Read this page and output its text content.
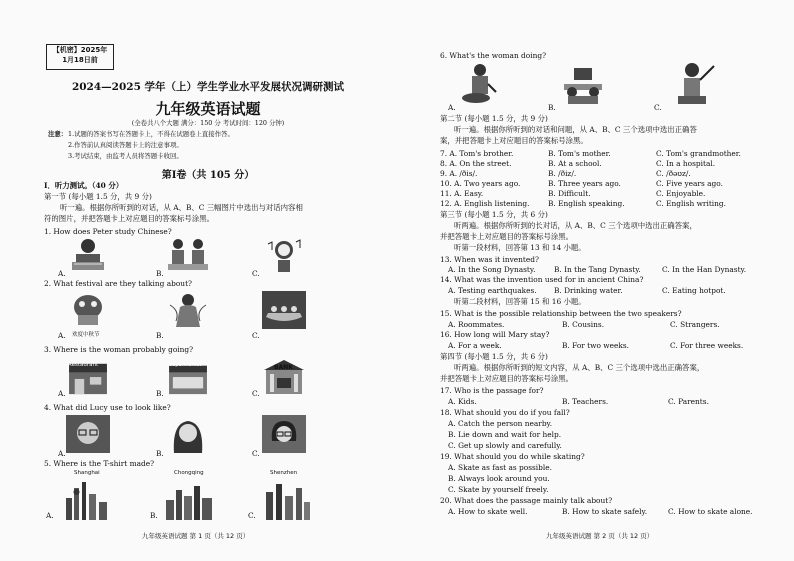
【机密】2025年
1月18日前
2024—2025 学年（上）学生学业水平发展状况调研测试
九年级英语试题
(全卷共八个大题 满分：150 分 考试时间：120 分钟)
注意： 1.试题的答案书写在答题卡上，不得在试题卷上直接作答。
2.作答前认真阅读答题卡上的注意事项。
3.考试结束，由监考人员将答题卡收回。
第Ⅰ卷（共 105 分）
I．听力测试。（40 分）
第一节 (每小题 1.5 分，共 9 分)
听一遍。根据你所听到的对话，从 A、B、C 三幅图片中选出与对话内容相
符的图片，并把答题卡上对应题目的答案标号涂黑。
1. How does Peter study Chinese?
A.	B.	C.
2. What festival are they talking about?
A. 欢度中秋节	B.	C.
3. Where is the woman probably going?
A.
Restaurant
B.
Supermarket
C.
BANK
4. What did Lucy use to look like?
A.	B.	C.
5. Where is the T-shirt made?
Shanghai	Chongqing	Shenzhen
A.	B.	C.
九年级英语试题 第 1 页（共 12 页）
6. What's the woman doing?
A.	B.	C.
第二节 (每小题 1.5 分，共 9 分)
听一遍。根据你所听到的对话和问题，从 A、B、C 三个选项中选出正确答
案，并把答题卡上对应题目的答案标号涂黑。
7. A. Tom's brother.	B. Tom's mother.	C. Tom's grandmother.
8. A. On the street.	B. At a school.	C. In a hospital.
9. A. /ðis/.	B. /ðiz/.	C. /ðəʊz/.
10. A. Two years ago.	B. Three years ago.	C. Five years ago.
11. A. Easy.	B. Difficult.	C. Enjoyable.
12. A. English listening.	B. English speaking.	C. English writing.
第三节 (每小题 1.5 分，共 6 分)
听两遍。根据你所听到的长对话，从 A、B、C 三个选项中选出正确答案，
并把答题卡上对应题目的答案标号涂黑。
听第一段材料，回答第 13 和 14 小题。
13. When was it invented?
A. In the Song Dynasty.	B. In the Tang Dynasty.	C. In the Han Dynasty.
14. What was the invention used for in ancient China?
A. Testing earthquakes. B. Drinking water.	C. Eating hotpot.
听第二段材料，回答第 15 和 16 小题。
15. What is the possible relationship between the two speakers?
A. Roommates.	B. Cousins.	C. Strangers.
16. How long will Mary stay?
A. For a week.	B. For two weeks.	C. For three weeks.
第四节 (每小题 1.5 分，共 6 分)
听两遍。根据你所听到的短文内容，从 A、B、C 三个选项中选出正确答案，
并把答题卡上对应题目的答案标号涂黑。
17. Who is the passage for?
A. Kids.	B. Teachers.	C. Parents.
18. What should you do if you fall?
A. Catch the person nearby.
B. Lie down and wait for help.
C. Get up slowly and carefully.
19. What should you do while skating?
A. Skate as fast as possible.
B. Always look around you.
C. Skate by yourself freely.
20. What does the passage mainly talk about?
A. How to skate well.	B. How to skate safely.	C. How to skate alone.
九年级英语试题 第 2 页（共 12 页）
